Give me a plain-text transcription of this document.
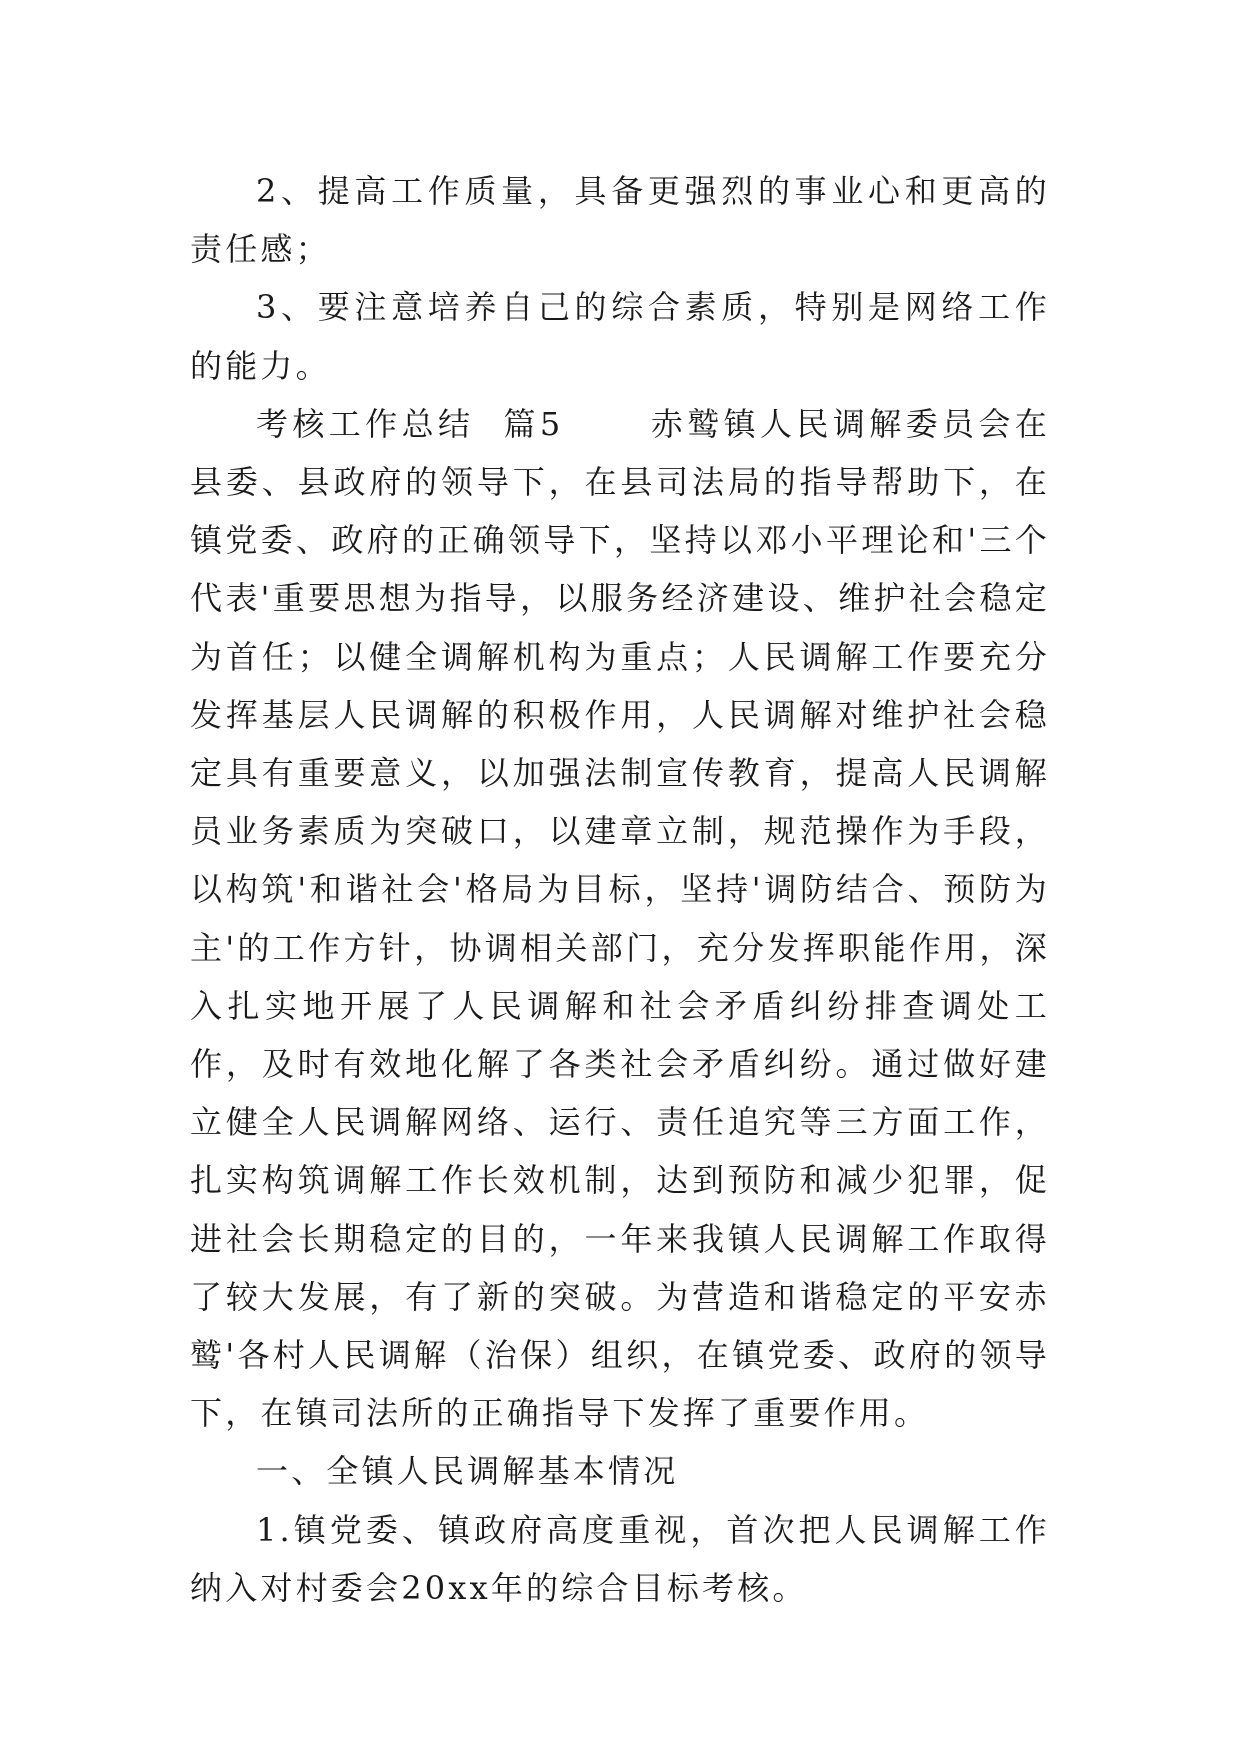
2、提高工作质量，具备更强烈的事业心和更高的责任感；

3、要注意培养自己的综合素质，特别是网络工作的能力。

考核工作总结  篇5      赤鹫镇人民调解委员会在县委、县政府的领导下，在县司法局的指导帮助下，在镇党委、政府的正确领导下，坚持以邓小平理论和'三个代表'重要思想为指导，以服务经济建设、维护社会稳定为首任；以健全调解机构为重点；人民调解工作要充分发挥基层人民调解的积极作用，人民调解对维护社会稳定具有重要意义，以加强法制宣传教育，提高人民调解员业务素质为突破口，以建章立制，规范操作为手段，以构筑'和谐社会'格局为目标，坚持'调防结合、预防为主'的工作方针，协调相关部门，充分发挥职能作用，深入扎实地开展了人民调解和社会矛盾纠纷排查调处工作，及时有效地化解了各类社会矛盾纠纷。通过做好建立健全人民调解网络、运行、责任追究等三方面工作，扎实构筑调解工作长效机制，达到预防和减少犯罪，促进社会长期稳定的目的，一年来我镇人民调解工作取得了较大发展，有了新的突破。为营造和谐稳定的平安赤鹫'各村人民调解（治保）组织，在镇党委、政府的领导下，在镇司法所的正确指导下发挥了重要作用。

一、全镇人民调解基本情况

1.镇党委、镇政府高度重视，首次把人民调解工作纳入对村委会20xx年的综合目标考核。
